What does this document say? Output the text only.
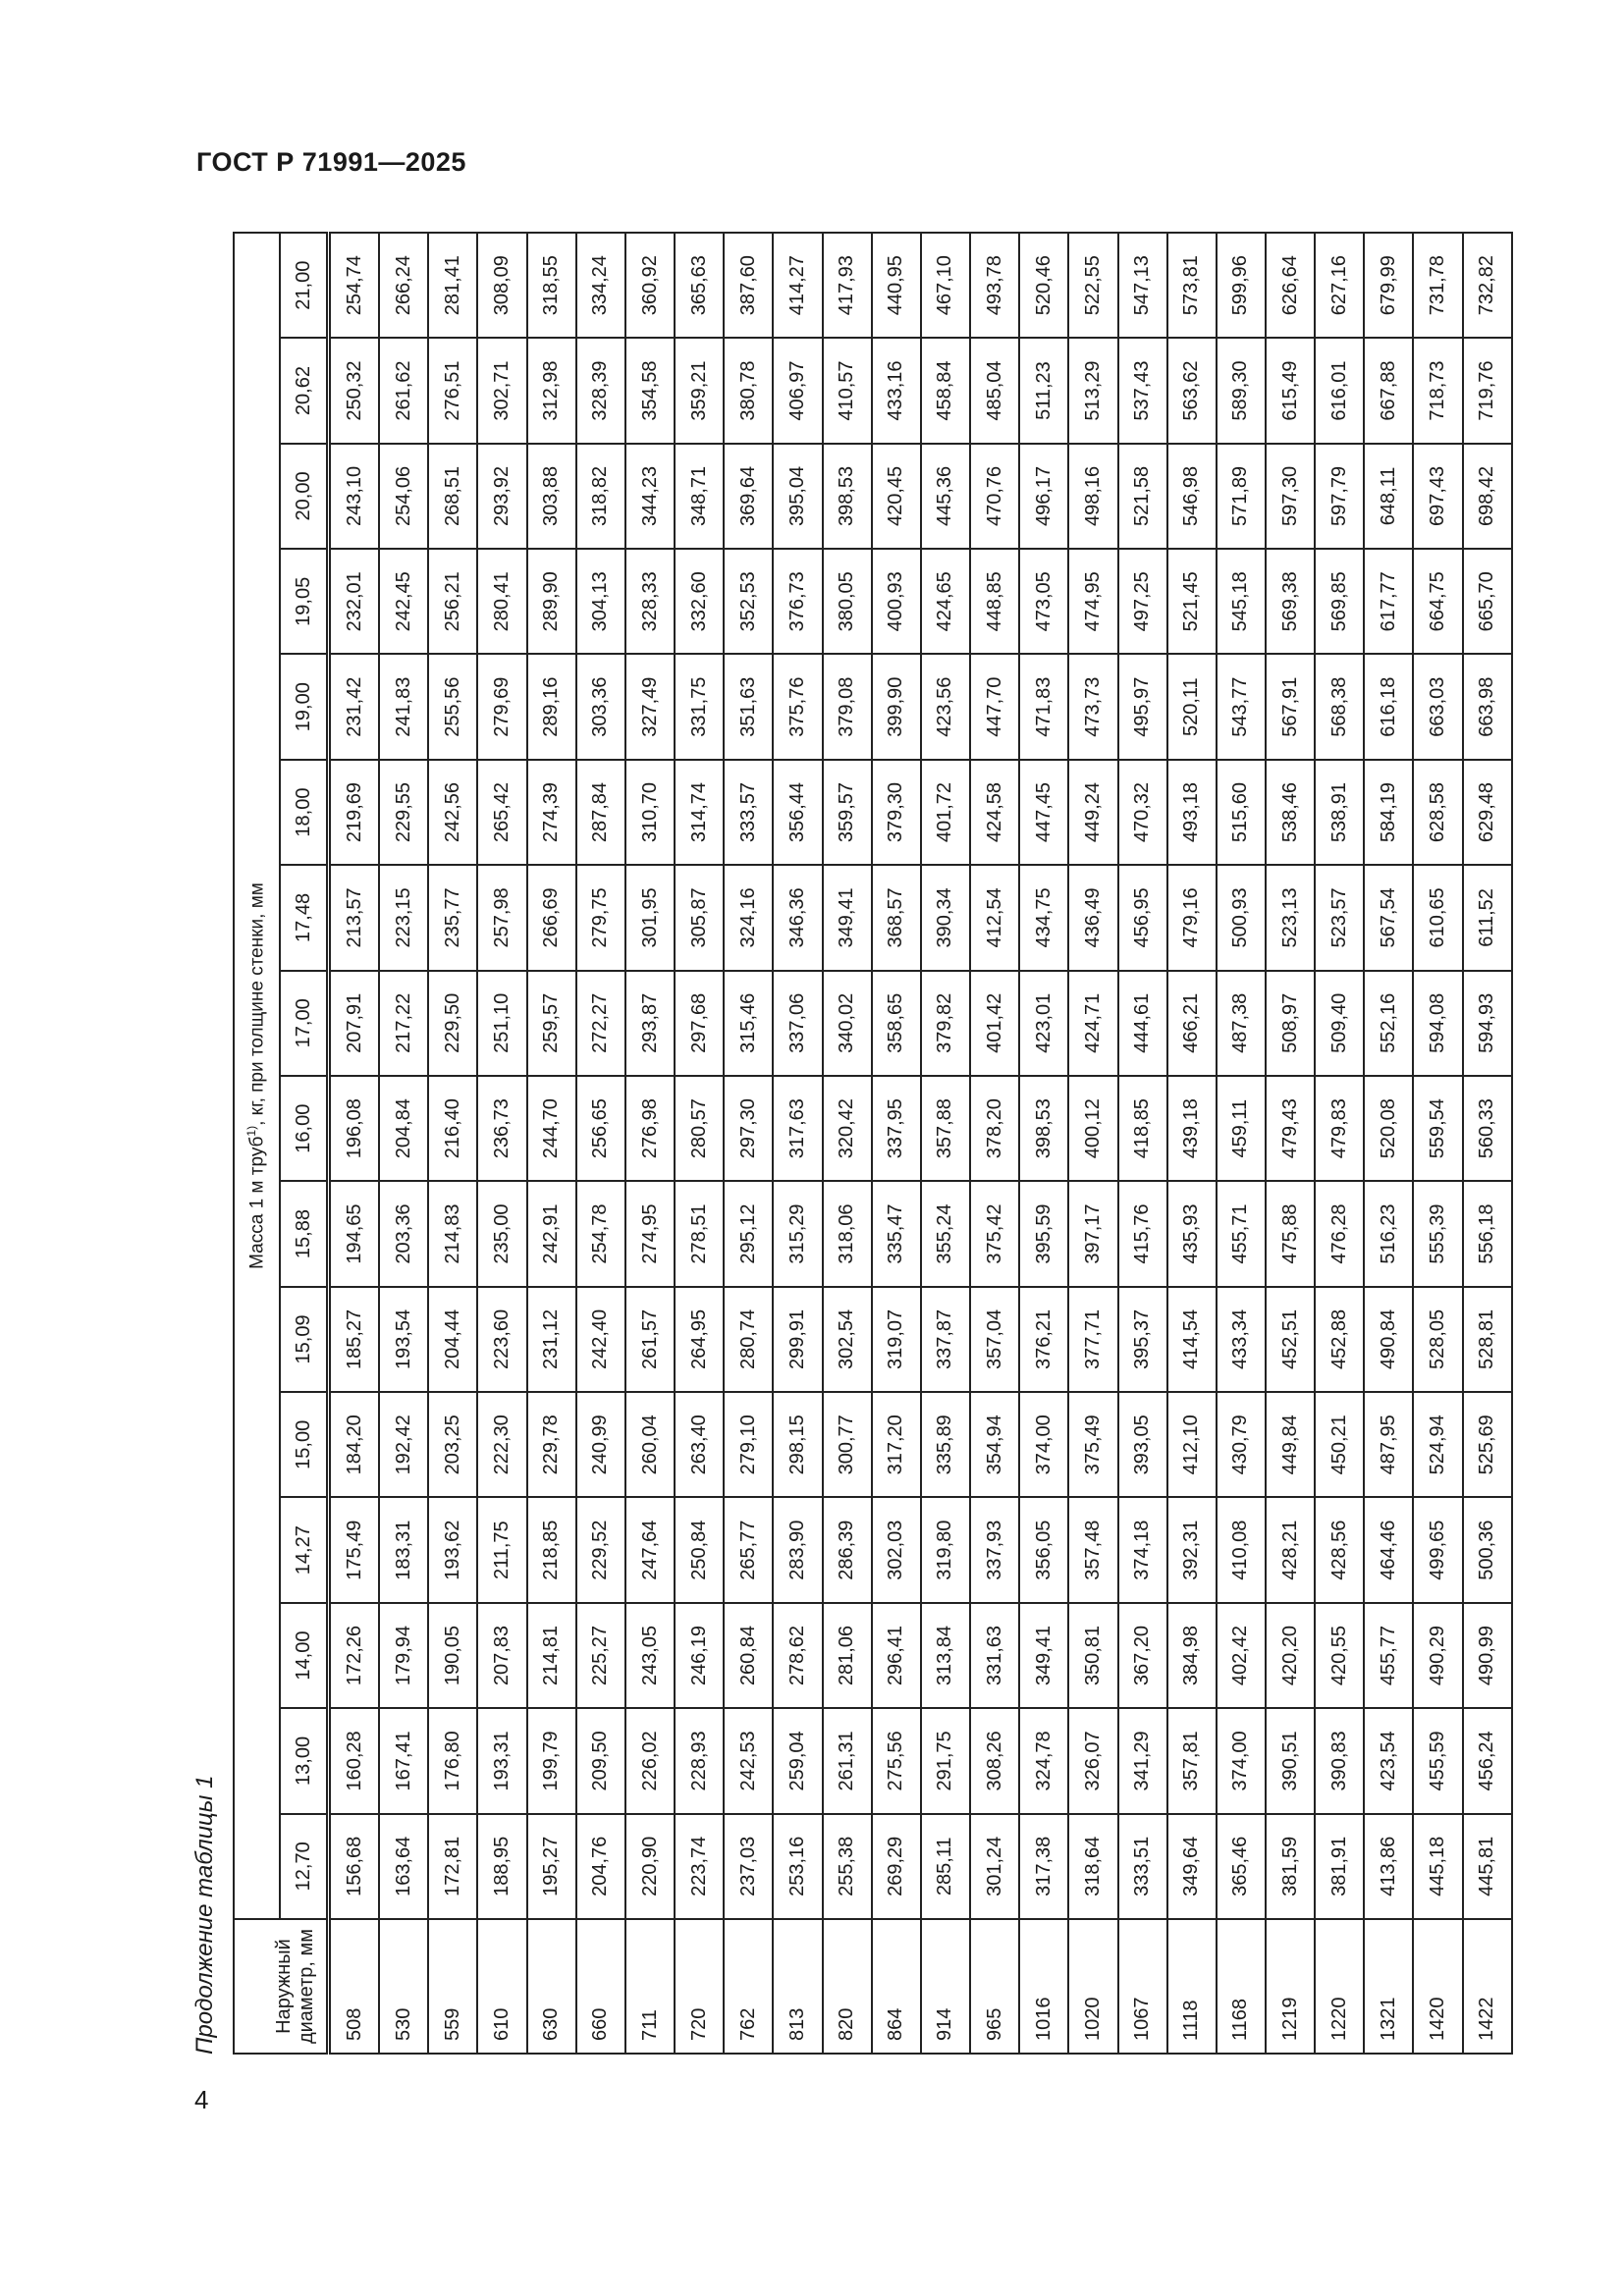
ГОСТ Р 71991—2025
Продолжение таблицы 1
4
Наружный диаметр, мм	Масса 1 м труб$^{1)}$, кг, при толщине стенки, мм															
	12,70	13,00	14,00	14,27	15,00	15,09	15,88	16,00	17,00	17,48	18,00	19,00	19,05	20,00	20,62	21,00
508	156,68	160,28	172,26	175,49	184,20	185,27	194,65	196,08	207,91	213,57	219,69	231,42	232,01	243,10	250,32	254,74
530	163,64	167,41	179,94	183,31	192,42	193,54	203,36	204,84	217,22	223,15	229,55	241,83	242,45	254,06	261,62	266,24
559	172,81	176,80	190,05	193,62	203,25	204,44	214,83	216,40	229,50	235,77	242,56	255,56	256,21	268,51	276,51	281,41
610	188,95	193,31	207,83	211,75	222,30	223,60	235,00	236,73	251,10	257,98	265,42	279,69	280,41	293,92	302,71	308,09
630	195,27	199,79	214,81	218,85	229,78	231,12	242,91	244,70	259,57	266,69	274,39	289,16	289,90	303,88	312,98	318,55
660	204,76	209,50	225,27	229,52	240,99	242,40	254,78	256,65	272,27	279,75	287,84	303,36	304,13	318,82	328,39	334,24
711	220,90	226,02	243,05	247,64	260,04	261,57	274,95	276,98	293,87	301,95	310,70	327,49	328,33	344,23	354,58	360,92
720	223,74	228,93	246,19	250,84	263,40	264,95	278,51	280,57	297,68	305,87	314,74	331,75	332,60	348,71	359,21	365,63
762	237,03	242,53	260,84	265,77	279,10	280,74	295,12	297,30	315,46	324,16	333,57	351,63	352,53	369,64	380,78	387,60
813	253,16	259,04	278,62	283,90	298,15	299,91	315,29	317,63	337,06	346,36	356,44	375,76	376,73	395,04	406,97	414,27
820	255,38	261,31	281,06	286,39	300,77	302,54	318,06	320,42	340,02	349,41	359,57	379,08	380,05	398,53	410,57	417,93
864	269,29	275,56	296,41	302,03	317,20	319,07	335,47	337,95	358,65	368,57	379,30	399,90	400,93	420,45	433,16	440,95
914	285,11	291,75	313,84	319,80	335,89	337,87	355,24	357,88	379,82	390,34	401,72	423,56	424,65	445,36	458,84	467,10
965	301,24	308,26	331,63	337,93	354,94	357,04	375,42	378,20	401,42	412,54	424,58	447,70	448,85	470,76	485,04	493,78
1016	317,38	324,78	349,41	356,05	374,00	376,21	395,59	398,53	423,01	434,75	447,45	471,83	473,05	496,17	511,23	520,46
1020	318,64	326,07	350,81	357,48	375,49	377,71	397,17	400,12	424,71	436,49	449,24	473,73	474,95	498,16	513,29	522,55
1067	333,51	341,29	367,20	374,18	393,05	395,37	415,76	418,85	444,61	456,95	470,32	495,97	497,25	521,58	537,43	547,13
1118	349,64	357,81	384,98	392,31	412,10	414,54	435,93	439,18	466,21	479,16	493,18	520,11	521,45	546,98	563,62	573,81
1168	365,46	374,00	402,42	410,08	430,79	433,34	455,71	459,11	487,38	500,93	515,60	543,77	545,18	571,89	589,30	599,96
1219	381,59	390,51	420,20	428,21	449,84	452,51	475,88	479,43	508,97	523,13	538,46	567,91	569,38	597,30	615,49	626,64
1220	381,91	390,83	420,55	428,56	450,21	452,88	476,28	479,83	509,40	523,57	538,91	568,38	569,85	597,79	616,01	627,16
1321	413,86	423,54	455,77	464,46	487,95	490,84	516,23	520,08	552,16	567,54	584,19	616,18	617,77	648,11	667,88	679,99
1420	445,18	455,59	490,29	499,65	524,94	528,05	555,39	559,54	594,08	610,65	628,58	663,03	664,75	697,43	718,73	731,78
1422	445,81	456,24	490,99	500,36	525,69	528,81	556,18	560,33	594,93	611,52	629,48	663,98	665,70	698,42	719,76	732,82
